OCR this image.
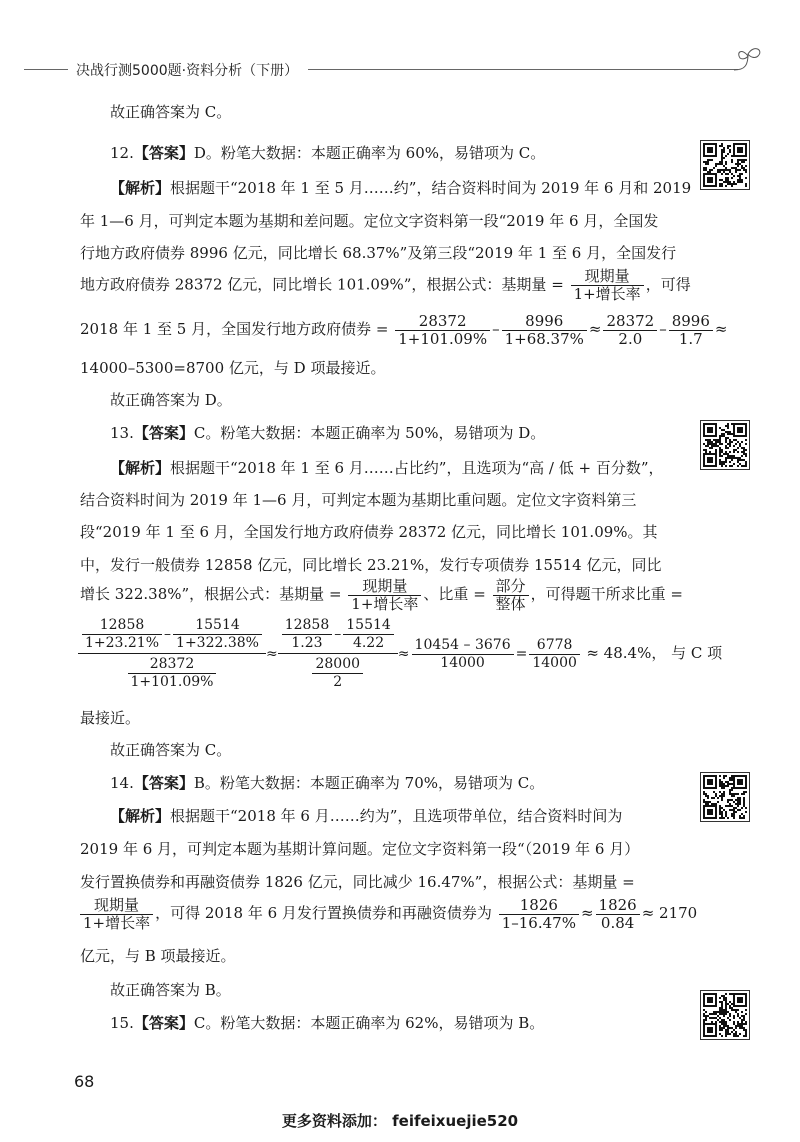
决战行测5000题·资料分析（下册）
故正确答案为 C。
12.【答案】D。粉笔大数据：本题正确率为 60%，易错项为 C。
【解析】根据题干“2018 年 1 至 5 月……约”，结合资料时间为 2019 年 6 月和 2019
年 1—6 月，可判定本题为基期和差问题。定位文字资料第一段“2019 年 6 月，全国发
行地方政府债券 8996 亿元，同比增长 68.37%”及第三段“2019 年 1 至 6 月，全国发行
地方政府债券 28372 亿元，同比增长 101.09%”，根据公式：基期量 = $\frac{\text{现期量}}{\text{1+增长率}}$ ，可得
2018 年 1 至 5 月，全国发行地方政府债券 = $\frac{28372}{1+101.09\%} - \frac{8996}{1+68.37\%} \approx \frac{28372}{2.0} - \frac{8996}{1.7}$ ≈
14000–5300=8700 亿元，与 D 项最接近。
故正确答案为 D。
13.【答案】C。粉笔大数据：本题正确率为 50%，易错项为 D。
【解析】根据题干“2018 年 1 至 6 月……占比约”，且选项为“高 / 低 + 百分数”，
结合资料时间为 2019 年 1—6 月，可判定本题为基期比重问题。定位文字资料第三
段“2019 年 1 至 6 月，全国发行地方政府债券 28372 亿元，同比增长 101.09%。其
中，发行一般债券 12858 亿元，同比增长 23.21%，发行专项债券 15514 亿元，同比
增长 322.38%”，根据公式：基期量 = $\frac{\text{现期量}}{\text{1+增长率}}$ 、比重 = $\frac{\text{部分}}{\text{整体}}$ ，可得题干所求比重 =
$\frac{\frac{12858}{1+23.21\%} - \frac{15514}{1+322.38\%}}{\frac{28372}{1+101.09\%}} \approx \frac{\frac{12858}{1.23} - \frac{15514}{4.22}}{\frac{28000}{2}} \approx \frac{10454 - 3676}{14000} = \frac{6778}{14000} \approx 48.4\%$， 与 C 项
最接近。
故正确答案为 C。
14.【答案】B。粉笔大数据：本题正确率为 70%，易错项为 C。
【解析】根据题干“2018 年 6 月……约为”，且选项带单位，结合资料时间为
2019 年 6 月，可判定本题为基期计算问题。定位文字资料第一段“（2019 年 6 月）
发行置换债券和再融资债券 1826 亿元，同比减少 16.47%”，根据公式：基期量 =
$\frac{\text{现期量}}{\text{1+增长率}}$ ，可得 2018 年 6 月发行置换债券和再融资债券为 $\frac{1826}{1-16.47\%} \approx \frac{1826}{0.84} \approx 2170$
亿元，与 B 项最接近。
故正确答案为 B。
15.【答案】C。粉笔大数据：本题正确率为 62%，易错项为 B。
68
更多资料添加： feifeixuejie520
